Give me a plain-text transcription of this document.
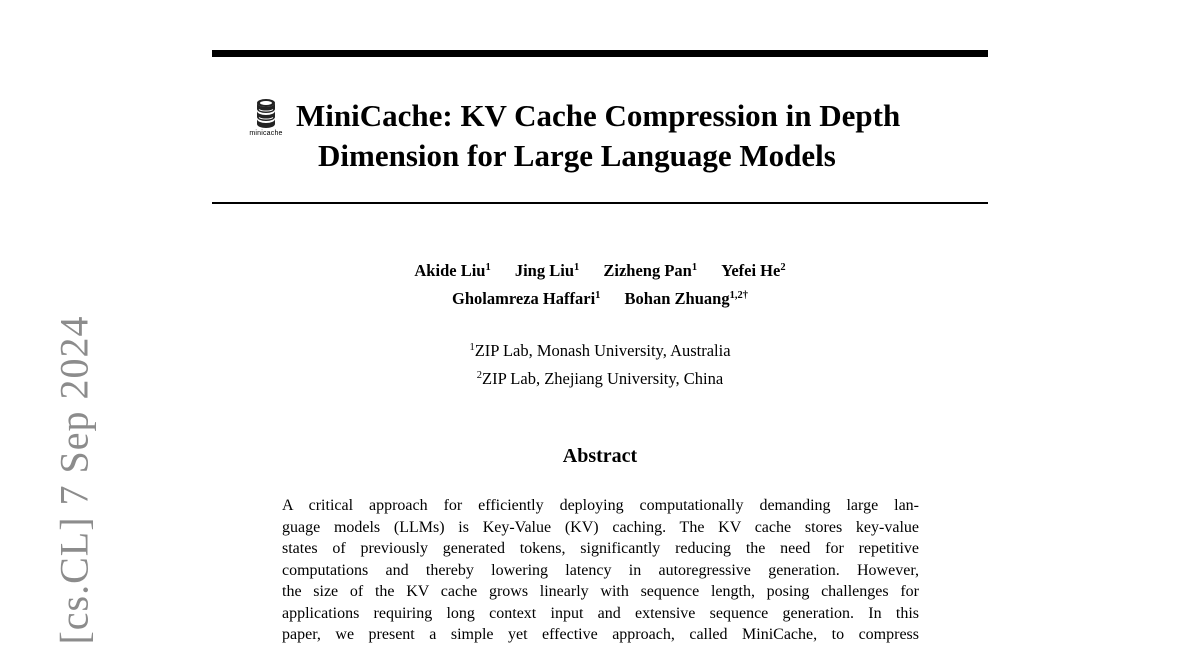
minicache
MiniCache: KV Cache Compression in Depth
Dimension for Large Language Models
Akide Liu$^1$ Jing Liu$^1$ Zizheng Pan$^1$ Yefei He$^2$
Gholamreza Haffari$^1$ Bohan Zhuang$^{1,2\dagger}$
$^1$ZIP Lab, Monash University, Australia
$^2$ZIP Lab, Zhejiang University, China
Abstract
A critical approach for efficiently deploying computationally demanding large lan-
guage models (LLMs) is Key-Value (KV) caching. The KV cache stores key-value
states of previously generated tokens, significantly reducing the need for repetitive
computations and thereby lowering latency in autoregressive generation. However,
the size of the KV cache grows linearly with sequence length, posing challenges for
applications requiring long context input and extensive sequence generation. In this
paper, we present a simple yet effective approach, called MiniCache, to compress
[cs.CL] 7 Sep 2024
